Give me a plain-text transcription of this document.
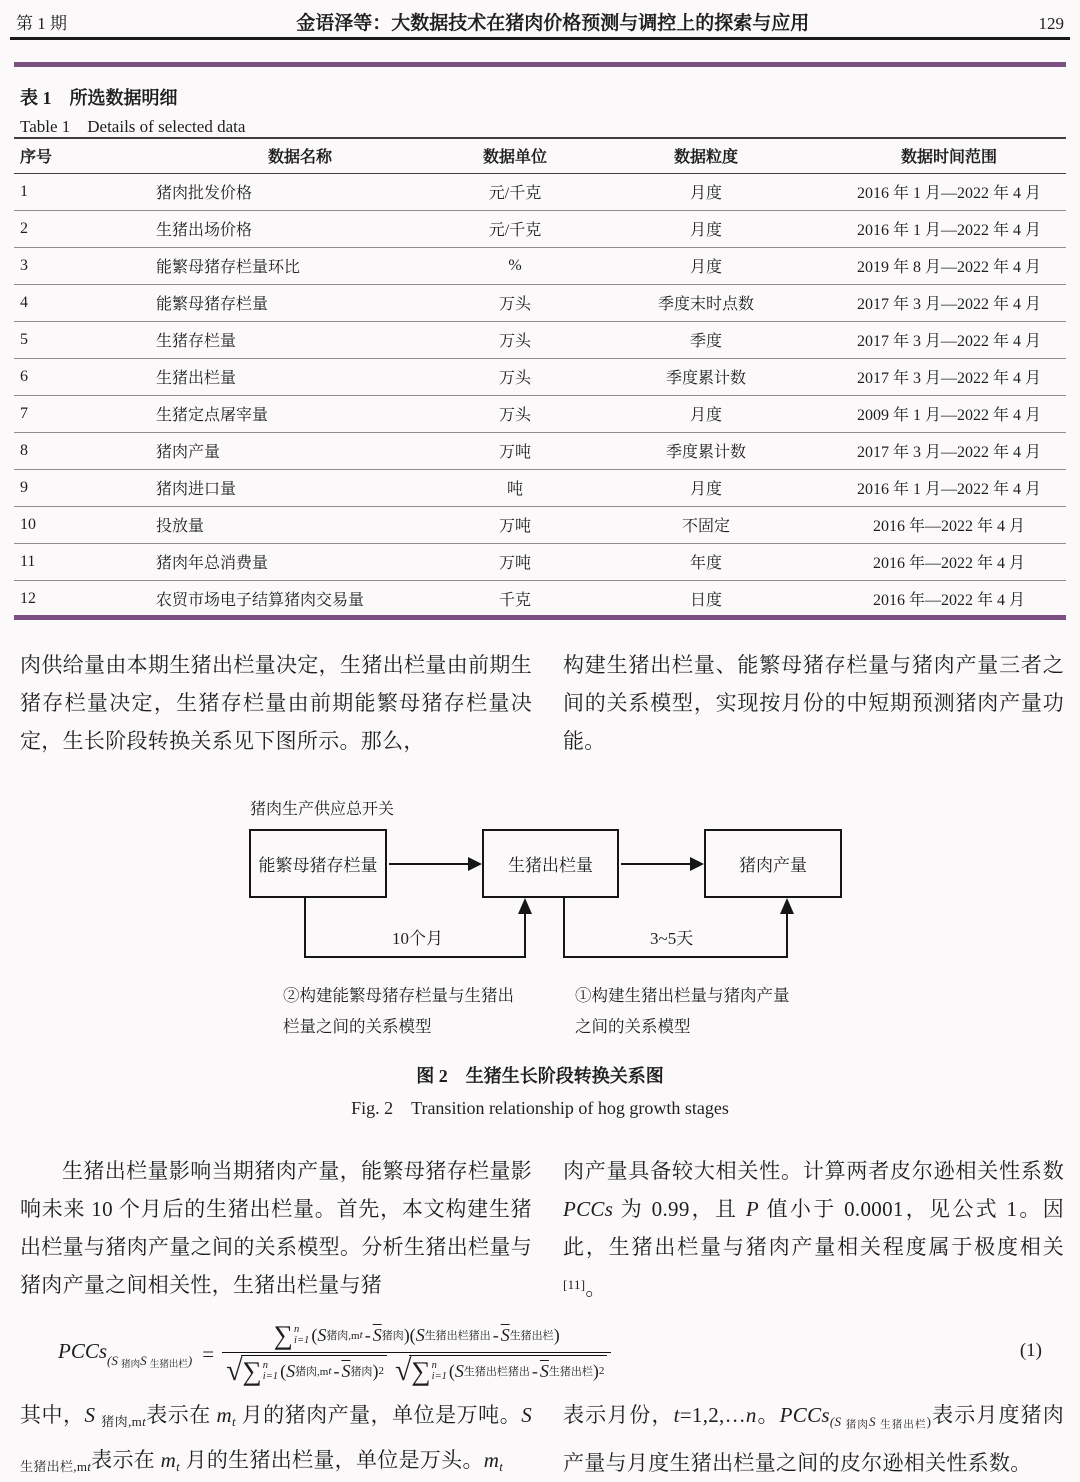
第 1 期	金语泽等：大数据技术在猪肉价格预测与调控上的探索与应用	129
表 1　所选数据明细
Table 1　Details of selected data
序号	数据名称	数据单位	数据粒度	数据时间范围
1	猪肉批发价格	元/千克	月度	2016 年 1 月—2022 年 4 月
2	生猪出场价格	元/千克	月度	2016 年 1 月—2022 年 4 月
3	能繁母猪存栏量环比	%	月度	2019 年 8 月—2022 年 4 月
4	能繁母猪存栏量	万头	季度末时点数	2017 年 3 月—2022 年 4 月
5	生猪存栏量	万头	季度	2017 年 3 月—2022 年 4 月
6	生猪出栏量	万头	季度累计数	2017 年 3 月—2022 年 4 月
7	生猪定点屠宰量	万头	月度	2009 年 1 月—2022 年 4 月
8	猪肉产量	万吨	季度累计数	2017 年 3 月—2022 年 4 月
9	猪肉进口量	吨	月度	2016 年 1 月—2022 年 4 月
10	投放量	万吨	不固定	2016 年—2022 年 4 月
11	猪肉年总消费量	万吨	年度	2016 年—2022 年 4 月
12	农贸市场电子结算猪肉交易量	千克	日度	2016 年—2022 年 4 月
肉供给量由本期生猪出栏量决定，生猪出栏量由前期生猪存栏量决定，生猪存栏量由前期能繁母猪存栏量决定，生长阶段转换关系见下图所示。那么，
构建生猪出栏量、能繁母猪存栏量与猪肉产量三者之间的关系模型，实现按月份的中短期预测猪肉产量功能。
猪肉生产供应总开关
能繁母猪存栏量	生猪出栏量	猪肉产量
10个月	3~5天
②构建能繁母猪存栏量与生猪出
栏量之间的关系模型
①构建生猪出栏量与猪肉产量
之间的关系模型
图 2　生猪生长阶段转换关系图
Fig. 2　Transition relationship of hog growth stages
生猪出栏量影响当期猪肉产量，能繁母猪存栏量影响未来 10 个月后的生猪出栏量。首先，本文构建生猪出栏量与猪肉产量之间的关系模型。分析生猪出栏量与猪肉产量之间相关性，生猪出栏量与猪
肉产量具备较大相关性。计算两者皮尔逊相关性系数 PCCs 为 0.99，且 P 值小于 0.0001，见公式 1。因此，生猪出栏量与猪肉产量相关程度属于极度相关[11]。
PCCs$_{(S 猪肉S 生猪出栏)}$ = ∑ n
i=1 ( S 猪肉,m t - $\overline{S}$ 猪肉 )( S 生猪出栏猪出 - $\overline{S}$ 生猪出栏 )
√ ∑ n
i=1 ( S 猪肉,m t - $\overline{S}$ 猪肉 ) 2 √ ∑ n
i=1 ( S 生猪出栏猪出 - $\overline{S}$ 生猪出栏 ) 2	(1)
其中，S $_{猪肉,mt}$表示在 $m_t$ 月的猪肉产量，单位是万吨。S $_{生猪出栏,mt}$表示在 $m_t$ 月的生猪出栏量，单位是万头。$m_t$
表示月份，t=1,2,…n。PCCs$_{(S}$ $_{猪肉S}$ $_{生猪出栏)}$表示月度猪肉产量与月度生猪出栏量之间的皮尔逊相关性系数。
